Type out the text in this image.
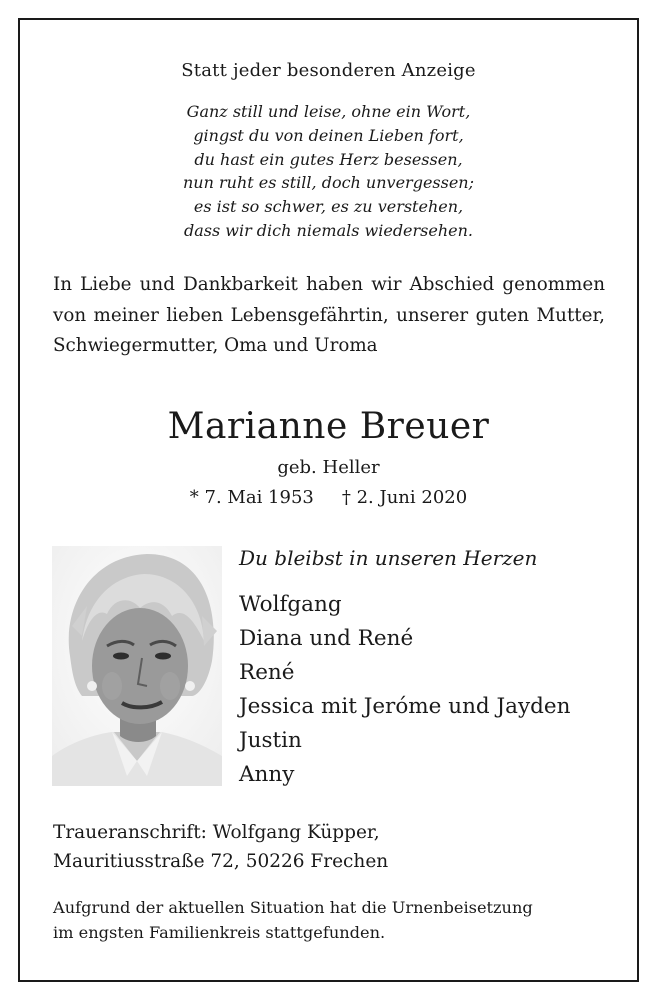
Statt jeder besonderen Anzeige
Ganz still und leise, ohne ein Wort,
gingst du von deinen Lieben fort,
du hast ein gutes Herz besessen,
nun ruht es still, doch unvergessen;
es ist so schwer, es zu verstehen,
dass wir dich niemals wiedersehen.
In Liebe und Dankbarkeit haben wir Abschied genommen von meiner lieben Lebensgefährtin, unserer guten Mutter, Schwiegermutter, Oma und Uroma
Marianne Breuer
geb. Heller
* 7. Mai 1953 † 2. Juni 2020
Du bleibst in unseren Herzen
Wolfgang
Diana und René
René
Jessica mit Jeróme und Jayden
Justin
Anny
Traueranschrift: Wolfgang Küpper,
Mauritiusstraße 72, 50226 Frechen
Aufgrund der aktuellen Situation hat die Urnenbeisetzung
im engsten Familienkreis stattgefunden.
